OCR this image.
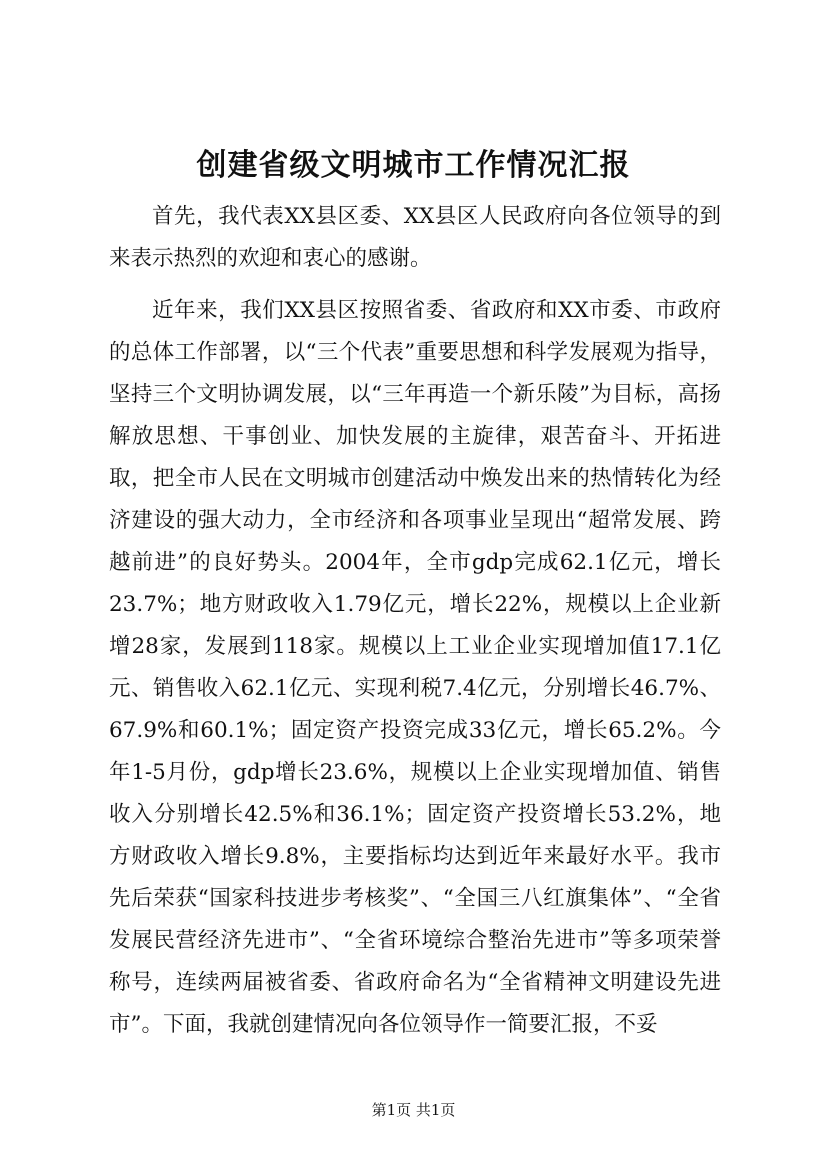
创建省级文明城市工作情况汇报

首先，我代表XX县区委、XX县区人民政府向各位领导的到来表示热烈的欢迎和衷心的感谢。

近年来，我们XX县区按照省委、省政府和XX市委、市政府的总体工作部署，以“三个代表”重要思想和科学发展观为指导，坚持三个文明协调发展，以“三年再造一个新乐陵”为目标，高扬解放思想、干事创业、加快发展的主旋律，艰苦奋斗、开拓进取，把全市人民在文明城市创建活动中焕发出来的热情转化为经济建设的强大动力，全市经济和各项事业呈现出“超常发展、跨越前进”的良好势头。2004年，全市gdp完成62.1亿元，增长23.7%；地方财政收入1.79亿元，增长22%，规模以上企业新增28家，发展到118家。规模以上工业企业实现增加值17.1亿元、销售收入62.1亿元、实现利税7.4亿元，分别增长46.7%、67.9%和60.1%；固定资产投资完成33亿元，增长65.2%。今年1-5月份，gdp增长23.6%，规模以上企业实现增加值、销售收入分别增长42.5%和36.1%；固定资产投资增长53.2%，地方财政收入增长9.8%，主要指标均达到近年来最好水平。我市先后荣获“国家科技进步考核奖”、“全国三八红旗集体”、“全省发展民营经济先进市”、“全省环境综合整治先进市”等多项荣誉称号，连续两届被省委、省政府命名为“全省精神文明建设先进市”。下面，我就创建情况向各位领导作一简要汇报，不妥

第1页 共1页
